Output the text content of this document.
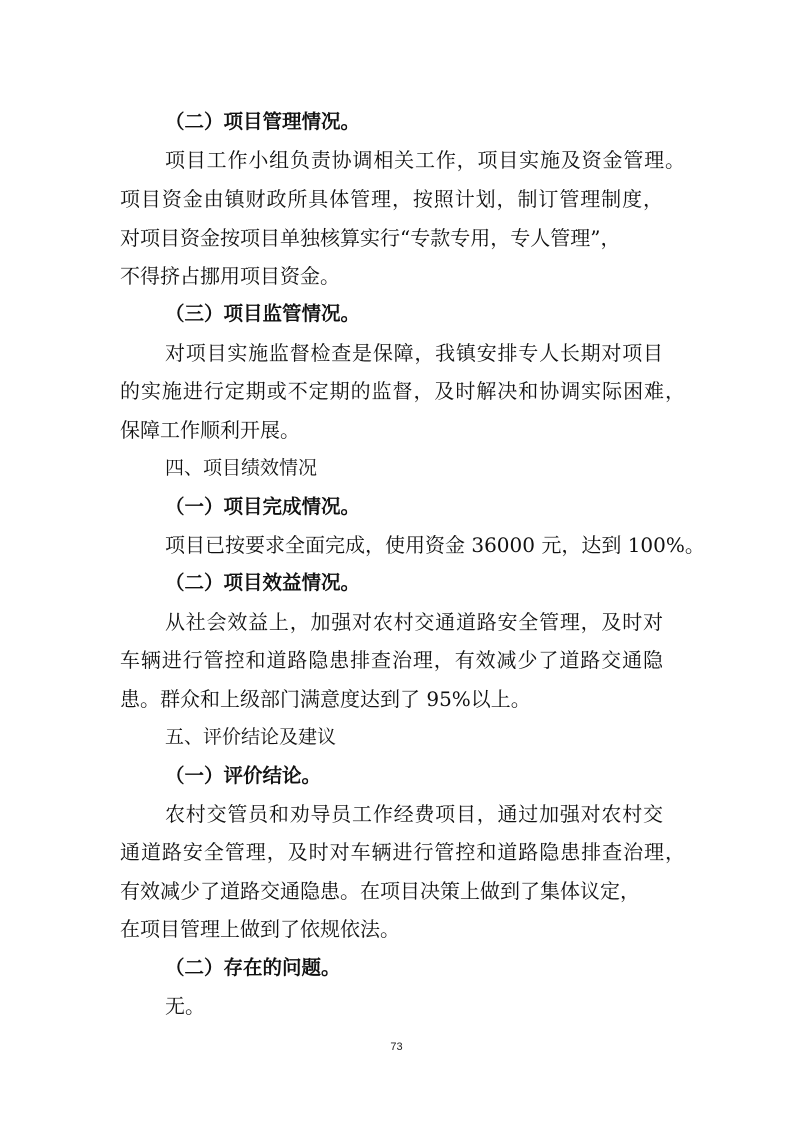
（二）项目管理情况。
项目工作小组负责协调相关工作，项目实施及资金管理。
项目资金由镇财政所具体管理，按照计划，制订管理制度，
对项目资金按项目单独核算实行“专款专用，专人管理”，
不得挤占挪用项目资金。
（三）项目监管情况。
对项目实施监督检查是保障，我镇安排专人长期对项目
的实施进行定期或不定期的监督，及时解决和协调实际困难，
保障工作顺利开展。
四、项目绩效情况
（一）项目完成情况。
项目已按要求全面完成，使用资金 36000 元，达到 100%。
（二）项目效益情况。
从社会效益上，加强对农村交通道路安全管理，及时对
车辆进行管控和道路隐患排查治理，有效减少了道路交通隐
患。群众和上级部门满意度达到了 95%以上。
五、评价结论及建议
（一）评价结论。
农村交管员和劝导员工作经费项目，通过加强对农村交
通道路安全管理，及时对车辆进行管控和道路隐患排查治理，
有效减少了道路交通隐患。在项目决策上做到了集体议定，
在项目管理上做到了依规依法。
（二）存在的问题。
无。
73
